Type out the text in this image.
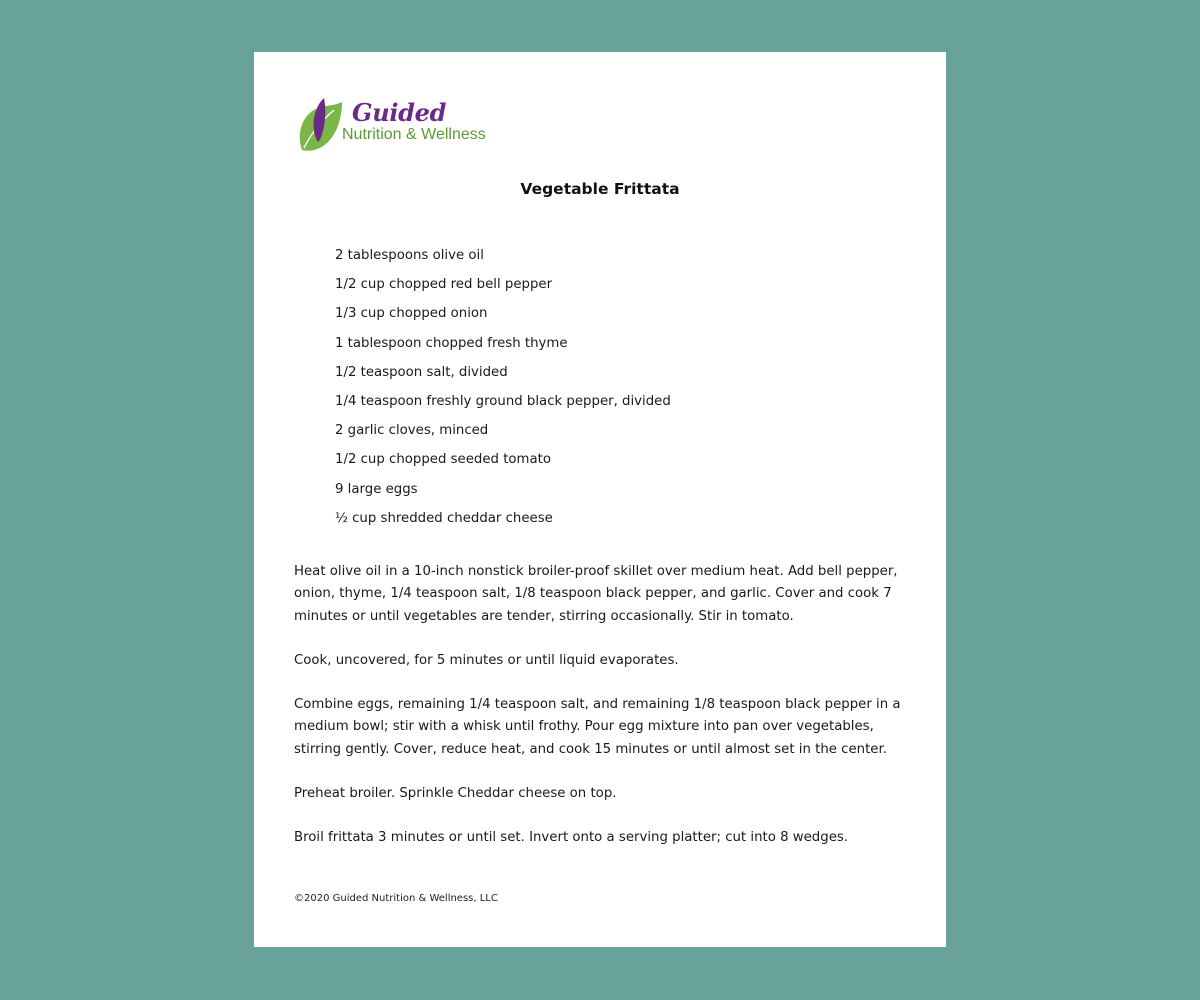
Guided
Nutrition & Wellness
Vegetable Frittata
2 tablespoons olive oil
1/2 cup chopped red bell pepper
1/3 cup chopped onion
1 tablespoon chopped fresh thyme
1/2 teaspoon salt, divided
1/4 teaspoon freshly ground black pepper, divided
2 garlic cloves, minced
1/2 cup chopped seeded tomato
9 large eggs
½ cup shredded cheddar cheese

Heat olive oil in a 10-inch nonstick broiler-proof skillet over medium heat. Add bell pepper, onion, thyme, 1/4 teaspoon salt, 1/8 teaspoon black pepper, and garlic. Cover and cook 7 minutes or until vegetables are tender, stirring occasionally. Stir in tomato.

Cook, uncovered, for 5 minutes or until liquid evaporates.

Combine eggs, remaining 1/4 teaspoon salt, and remaining 1/8 teaspoon black pepper in a medium bowl; stir with a whisk until frothy. Pour egg mixture into pan over vegetables, stirring gently. Cover, reduce heat, and cook 15 minutes or until almost set in the center.

Preheat broiler. Sprinkle Cheddar cheese on top.

Broil frittata 3 minutes or until set. Invert onto a serving platter; cut into 8 wedges.

©2020 Guided Nutrition & Wellness, LLC
